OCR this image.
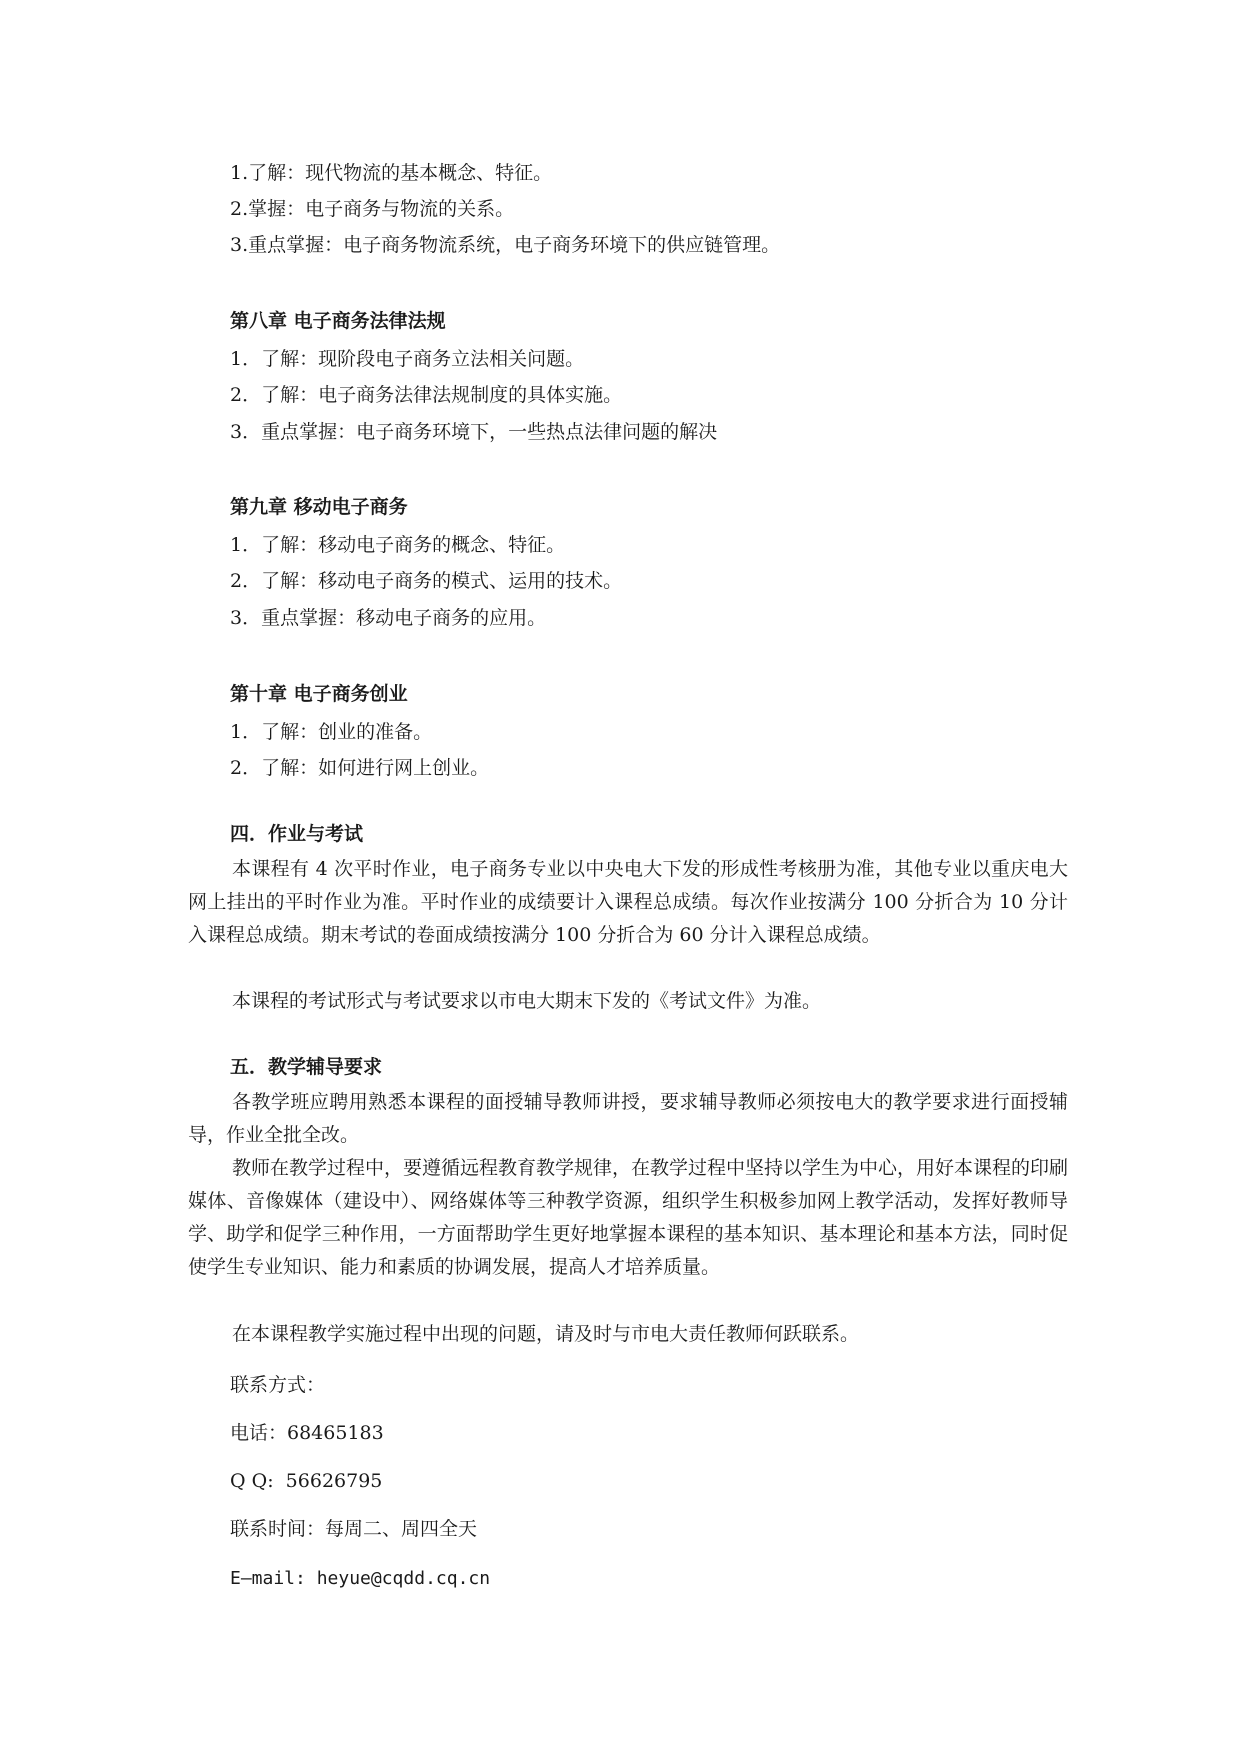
1.了解：现代物流的基本概念、特征。
2.掌握：电子商务与物流的关系。
3.重点掌握：电子商务物流系统，电子商务环境下的供应链管理。
第八章 电子商务法律法规
1．了解：现阶段电子商务立法相关问题。
2．了解：电子商务法律法规制度的具体实施。
3．重点掌握：电子商务环境下，一些热点法律问题的解决
第九章 移动电子商务
1．了解：移动电子商务的概念、特征。
2．了解：移动电子商务的模式、运用的技术。
3．重点掌握：移动电子商务的应用。
第十章 电子商务创业
1．了解：创业的准备。
2．了解：如何进行网上创业。
四．作业与考试
本课程有 4 次平时作业，电子商务专业以中央电大下发的形成性考核册为准，其他专业以重庆电大网上挂出的平时作业为准。平时作业的成绩要计入课程总成绩。每次作业按满分 100 分折合为 10 分计入课程总成绩。期末考试的卷面成绩按满分 100 分折合为 60 分计入课程总成绩。
本课程的考试形式与考试要求以市电大期末下发的《考试文件》为准。
五．教学辅导要求
各教学班应聘用熟悉本课程的面授辅导教师讲授，要求辅导教师必须按电大的教学要求进行面授辅导，作业全批全改。
教师在教学过程中，要遵循远程教育教学规律，在教学过程中坚持以学生为中心，用好本课程的印刷媒体、音像媒体（建设中）、网络媒体等三种教学资源，组织学生积极参加网上教学活动，发挥好教师导学、助学和促学三种作用，一方面帮助学生更好地掌握本课程的基本知识、基本理论和基本方法，同时促使学生专业知识、能力和素质的协调发展，提高人才培养质量。
在本课程教学实施过程中出现的问题，请及时与市电大责任教师何跃联系。
联系方式：
电话：68465183
Q Q:  56626795
联系时间：每周二、周四全天
E—mail: heyue@cqdd.cq.cn
